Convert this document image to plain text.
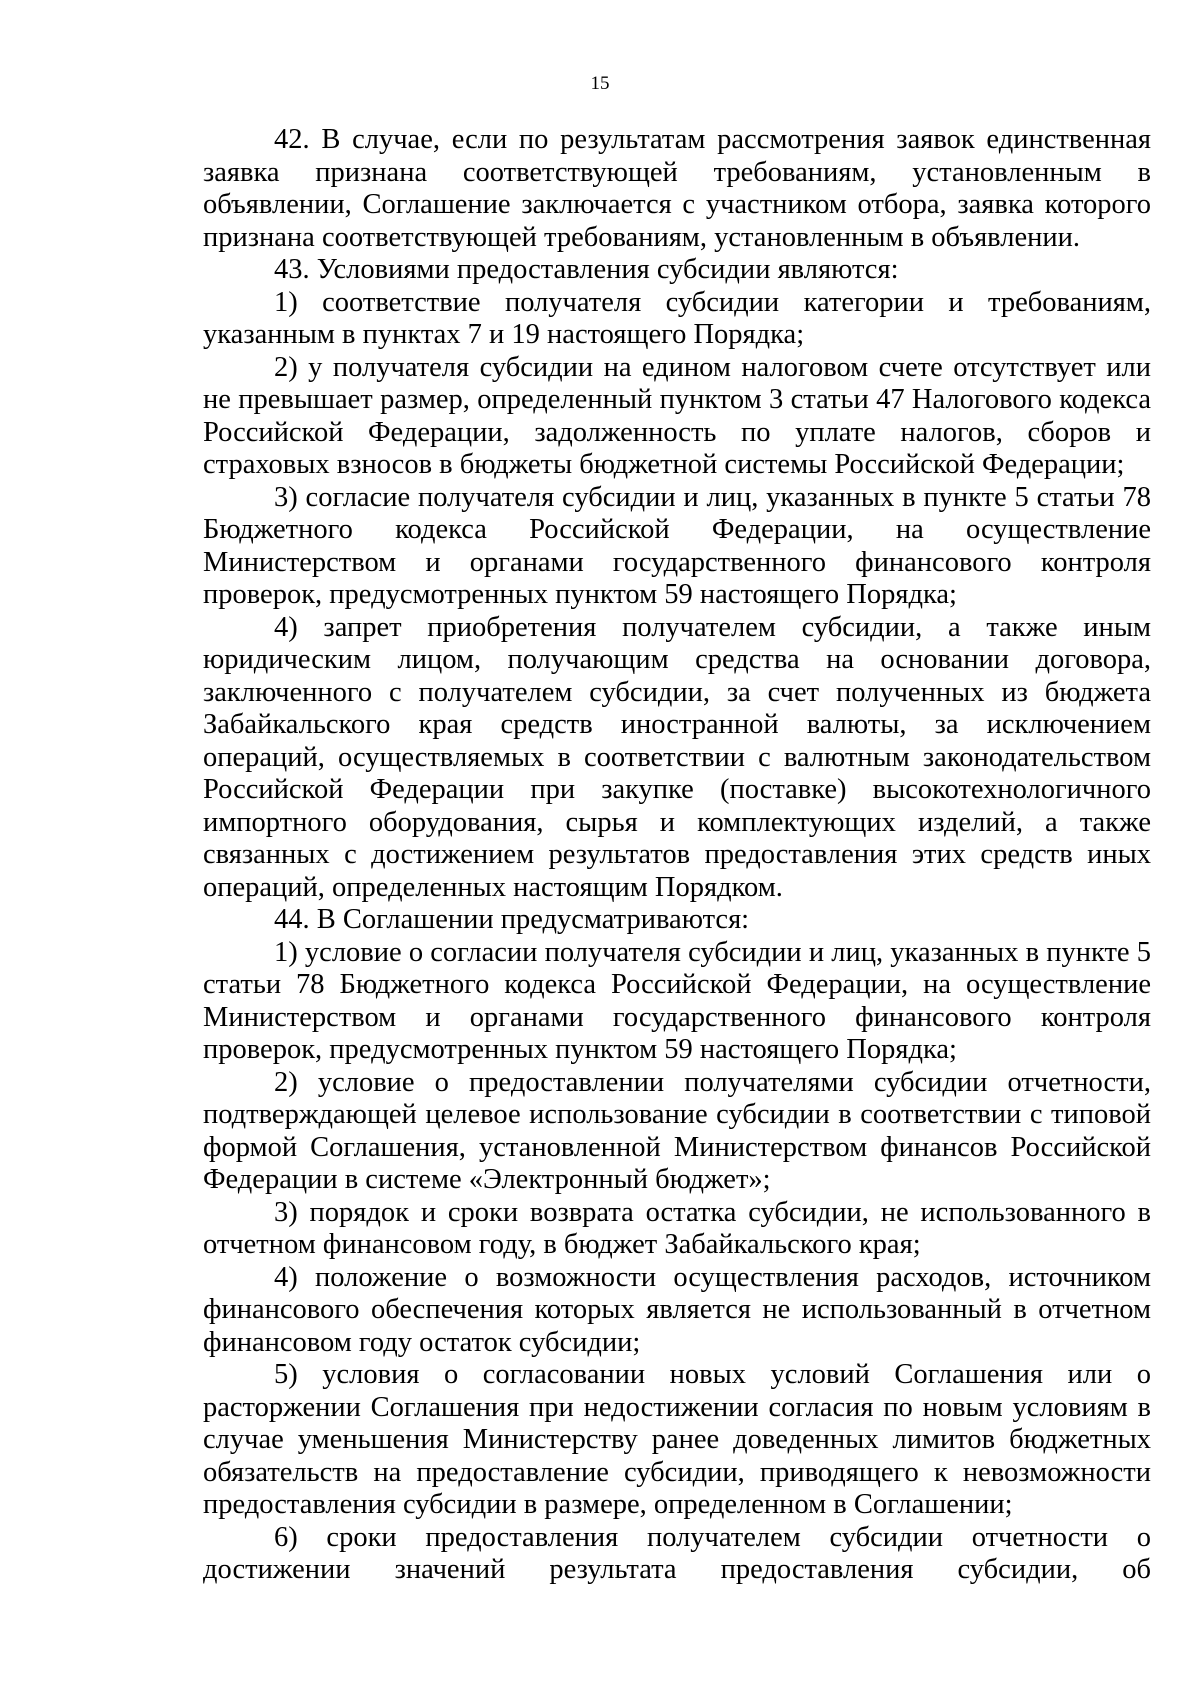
15

42. В случае, если по результатам рассмотрения заявок единственная заявка признана соответствующей требованиям, установленным в объявлении, Соглашение заключается с участником отбора, заявка которого признана соответствующей требованиям, установленным в объявлении.

43. Условиями предоставления субсидии являются:

1) соответствие получателя субсидии категории и требованиям, указанным в пунктах 7 и 19 настоящего Порядка;

2) у получателя субсидии на едином налоговом счете отсутствует или не превышает размер, определенный пунктом 3 статьи 47 Налогового кодекса Российской Федерации, задолженность по уплате налогов, сборов и страховых взносов в бюджеты бюджетной системы Российской Федерации;

3) согласие получателя субсидии и лиц, указанных в пункте 5 статьи 78 Бюджетного кодекса Российской Федерации, на осуществление Министерством и органами государственного финансового контроля проверок, предусмотренных пунктом 59 настоящего Порядка;

4) запрет приобретения получателем субсидии, а также иным юридическим лицом, получающим средства на основании договора, заключенного с получателем субсидии, за счет полученных из бюджета Забайкальского края средств иностранной валюты, за исключением операций, осуществляемых в соответствии с валютным законодательством Российской Федерации при закупке (поставке) высокотехнологичного импортного оборудования, сырья и комплектующих изделий, а также связанных с достижением результатов предоставления этих средств иных операций, определенных настоящим Порядком.

44. В Соглашении предусматриваются:

1) условие о согласии получателя субсидии и лиц, указанных в пункте 5 статьи 78 Бюджетного кодекса Российской Федерации, на осуществление Министерством и органами государственного финансового контроля проверок, предусмотренных пунктом 59 настоящего Порядка;

2) условие о предоставлении получателями субсидии отчетности, подтверждающей целевое использование субсидии в соответствии с типовой формой Соглашения, установленной Министерством финансов Российской Федерации в системе «Электронный бюджет»;

3) порядок и сроки возврата остатка субсидии, не использованного в отчетном финансовом году, в бюджет Забайкальского края;

4) положение о возможности осуществления расходов, источником финансового обеспечения которых является не использованный в отчетном финансовом году остаток субсидии;

5) условия о согласовании новых условий Соглашения или о расторжении Соглашения при недостижении согласия по новым условиям в случае уменьшения Министерству ранее доведенных лимитов бюджетных обязательств на предоставление субсидии, приводящего к невозможности предоставления субсидии в размере, определенном в Соглашении;

6) сроки предоставления получателем субсидии отчетности о достижении значений результата предоставления субсидии, об
